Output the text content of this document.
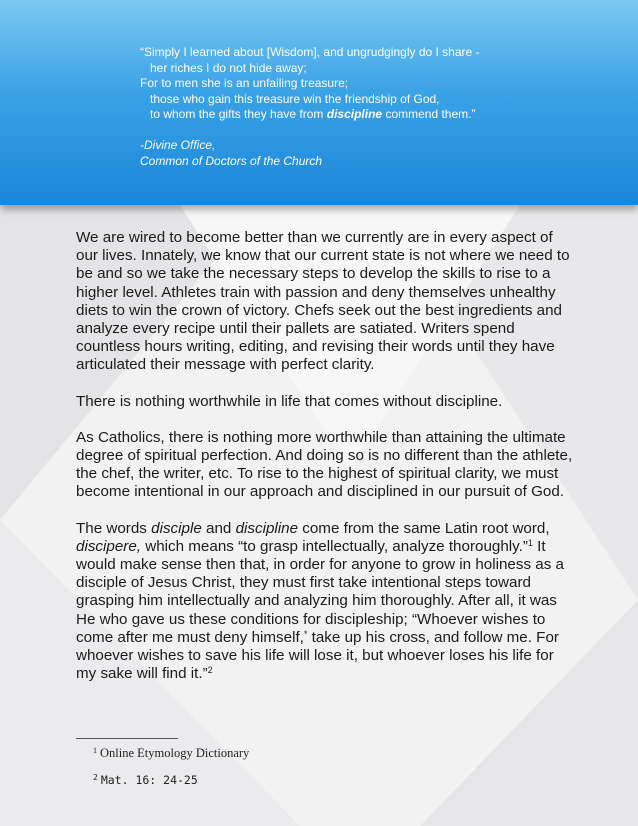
“Simply I learned about [Wisdom], and ungrudgingly do I share -
her riches I do not hide away;
For to men she is an unfailing treasure;
those who gain this treasure win the friendship of God,
to whom the gifts they have from discipline commend them.”
-Divine Office,
Common of Doctors of the Church

We are wired to become better than we currently are in every aspect of our lives. Innately, we know that our current state is not where we need to be and so we take the necessary steps to develop the skills to rise to a higher level. Athletes train with passion and deny themselves unhealthy diets to win the crown of victory. Chefs seek out the best ingredients and analyze every recipe until their pallets are satiated. Writers spend countless hours writing, editing, and revising their words until they have articulated their message with perfect clarity.

There is nothing worthwhile in life that comes without discipline.

As Catholics, there is nothing more worthwhile than attaining the ultimate degree of spiritual perfection. And doing so is no different than the athlete, the chef, the writer, etc. To rise to the highest of spiritual clarity, we must become intentional in our approach and disciplined in our pursuit of God.

The words disciple and discipline come from the same Latin root word, discipere, which means “to grasp intellectually, analyze thoroughly.”$^1$ It would make sense then that, in order for anyone to grow in holiness as a disciple of Jesus Christ, they must first take intentional steps toward grasping him intellectually and analyzing him thoroughly. After all, it was He who gave us these conditions for discipleship; “Whoever wishes to come after me must deny himself,* take up his cross, and follow me. For whoever wishes to save his life will lose it, but whoever loses his life for my sake will find it.”$^2$

$^1$ Online Etymology Dictionary
$^2$ Mat. 16: 24-25
